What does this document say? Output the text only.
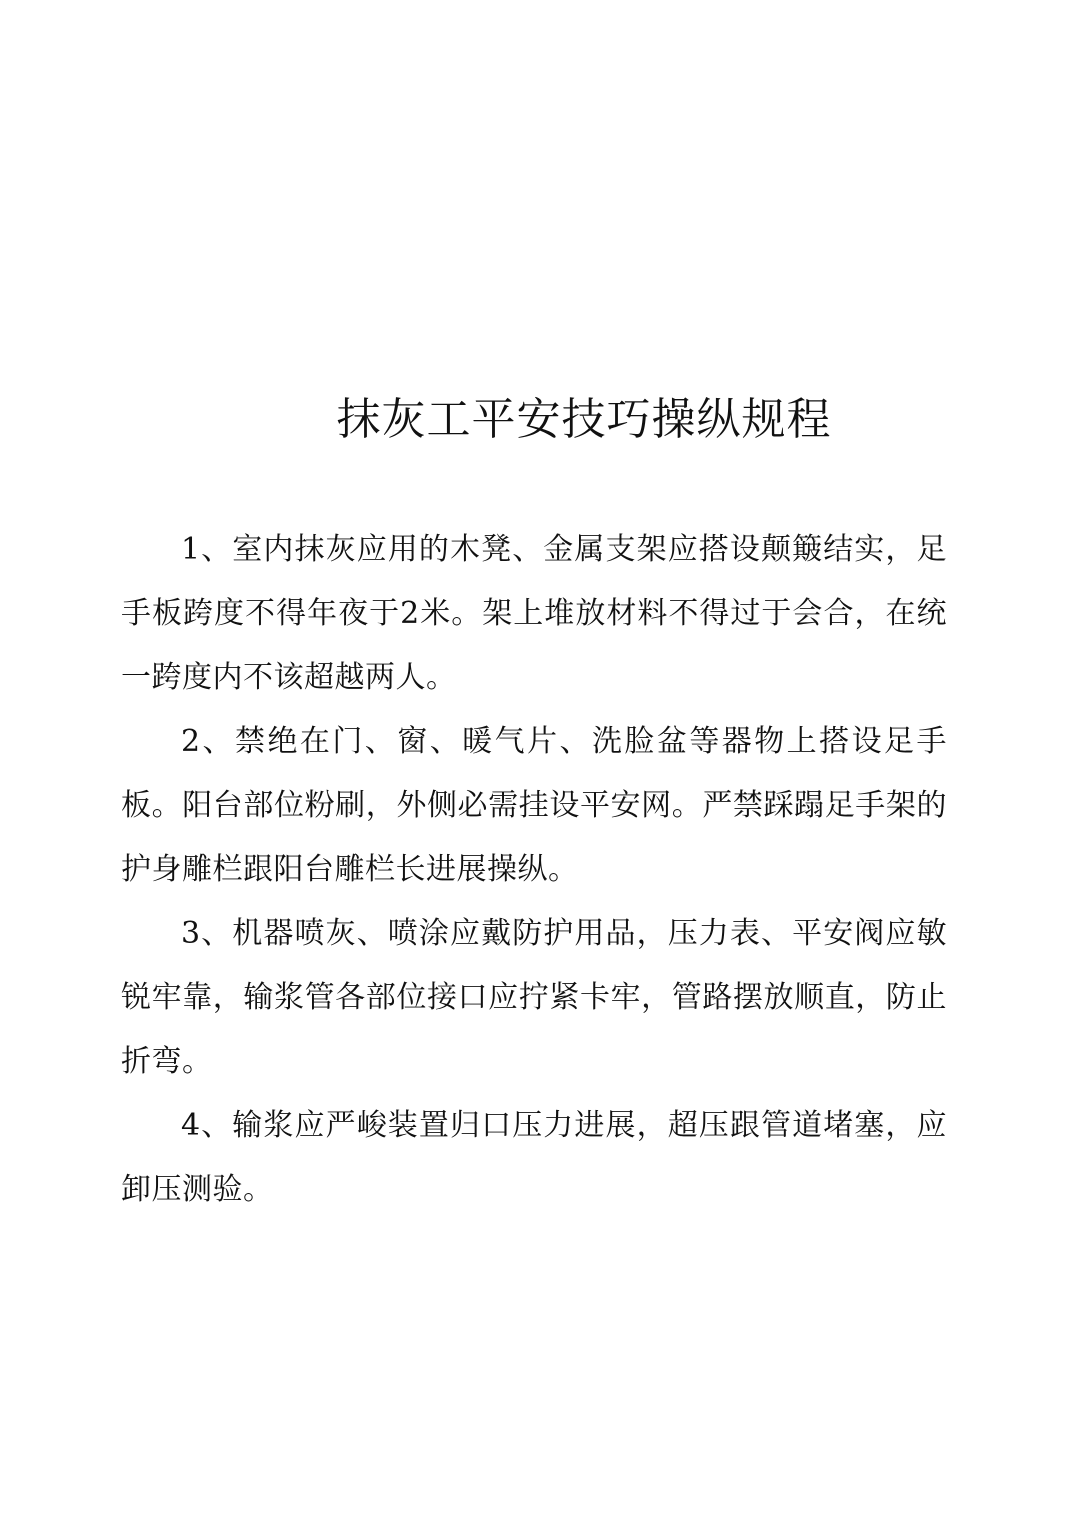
抹灰工平安技巧操纵规程

1、室内抹灰应用的木凳、金属支架应搭设颠簸结实，足手板跨度不得年夜于2米。架上堆放材料不得过于会合，在统一跨度内不该超越两人。

2、禁绝在门、窗、暖气片、洗脸盆等器物上搭设足手板。阳台部位粉刷，外侧必需挂设平安网。严禁踩蹋足手架的护身雕栏跟阳台雕栏长进展操纵。

3、机器喷灰、喷涂应戴防护用品，压力表、平安阀应敏锐牢靠，输浆管各部位接口应拧紧卡牢，管路摆放顺直，防止折弯。

4、输浆应严峻装置归口压力进展，超压跟管道堵塞，应卸压测验。
